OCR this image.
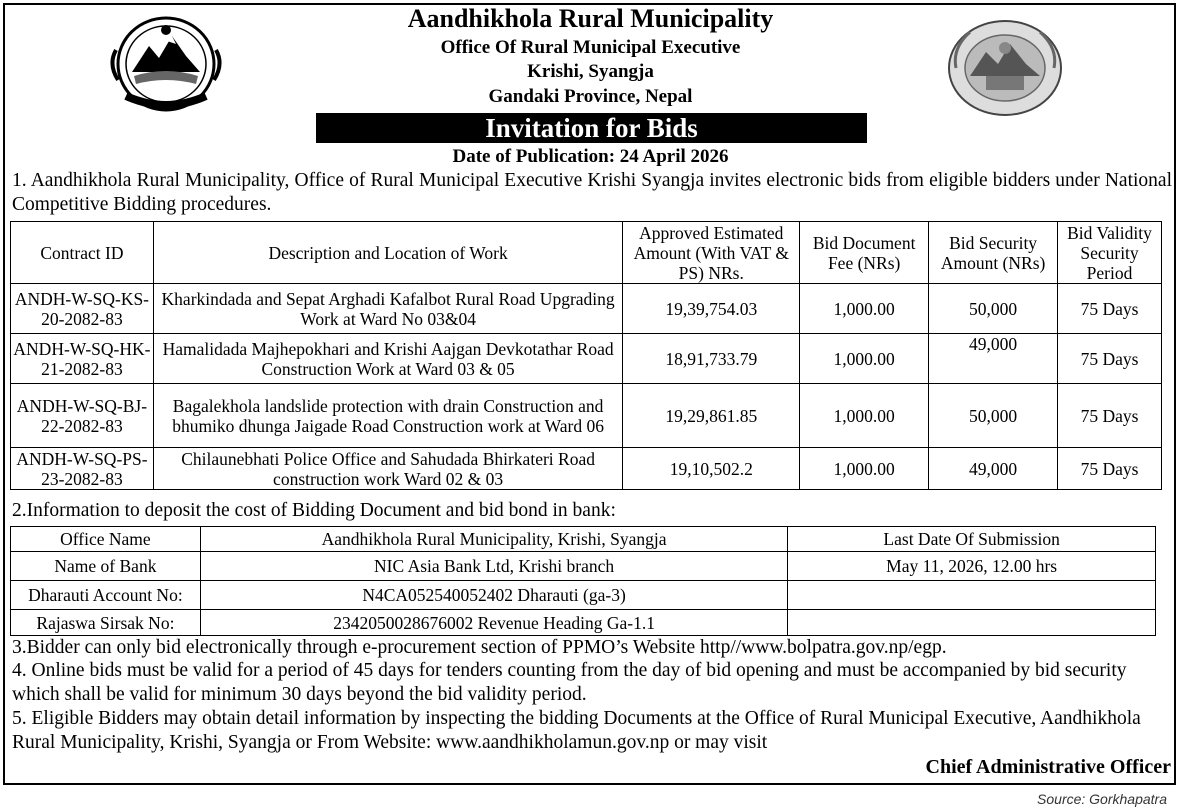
Aandhikhola Rural Municipality
Office Of Rural Municipal Executive
Krishi, Syangja
Gandaki Province, Nepal
Invitation for Bids
Date of Publication: 24 April 2026
1. Aandhikhola Rural Municipality, Office of Rural Municipal Executive Krishi Syangja invites electronic bids from eligible bidders under National Competitive Bidding procedures.
Contract ID	Description and Location of Work	Approved Estimated Amount (With VAT & PS) NRs.	Bid Document Fee (NRs)	Bid Security Amount (NRs)	Bid Validity Security Period
ANDH-W-SQ-KS-20-2082-83	Kharkindada and Sepat Arghadi Kafalbot Rural Road Upgrading Work at Ward No 03&04	19,39,754.03	1,000.00	50,000	75 Days
ANDH-W-SQ-HK-21-2082-83	Hamalidada Majhepokhari and Krishi Aajgan Devkotathar Road Construction Work at Ward 03 & 05	18,91,733.79	1,000.00	49,000	75 Days
ANDH-W-SQ-BJ-22-2082-83	Bagalekhola landslide protection with drain Construction and bhumiko dhunga Jaigade Road Construction work at Ward 06	19,29,861.85	1,000.00	50,000	75 Days
ANDH-W-SQ-PS-23-2082-83	Chilaunebhati Police Office and Sahudada Bhirkateri Road construction work Ward 02 & 03	19,10,502.2	1,000.00	49,000	75 Days
2.Information to deposit the cost of Bidding Document and bid bond in bank:
Office Name	Aandhikhola Rural Municipality, Krishi, Syangja	Last Date Of Submission
Name of Bank	NIC Asia Bank Ltd, Krishi branch	May 11, 2026, 12.00 hrs
Dharauti Account No:	N4CA052540052402 Dharauti (ga-3)	
Rajaswa Sirsak No:	2342050028676002 Revenue Heading Ga-1.1	
3.Bidder can only bid electronically through e-procurement section of PPMO’s Website http//www.bolpatra.gov.np/egp.
4. Online bids must be valid for a period of 45 days for tenders counting from the day of bid opening and must be accompanied by bid security which shall be valid for minimum 30 days beyond the bid validity period.
5. Eligible Bidders may obtain detail information by inspecting the bidding Documents at the Office of Rural Municipal Executive, Aandhikhola Rural Municipality, Krishi, Syangja or From Website: www.aandhikholamun.gov.np or may visit
Chief Administrative Officer
Source: Gorkhapatra
